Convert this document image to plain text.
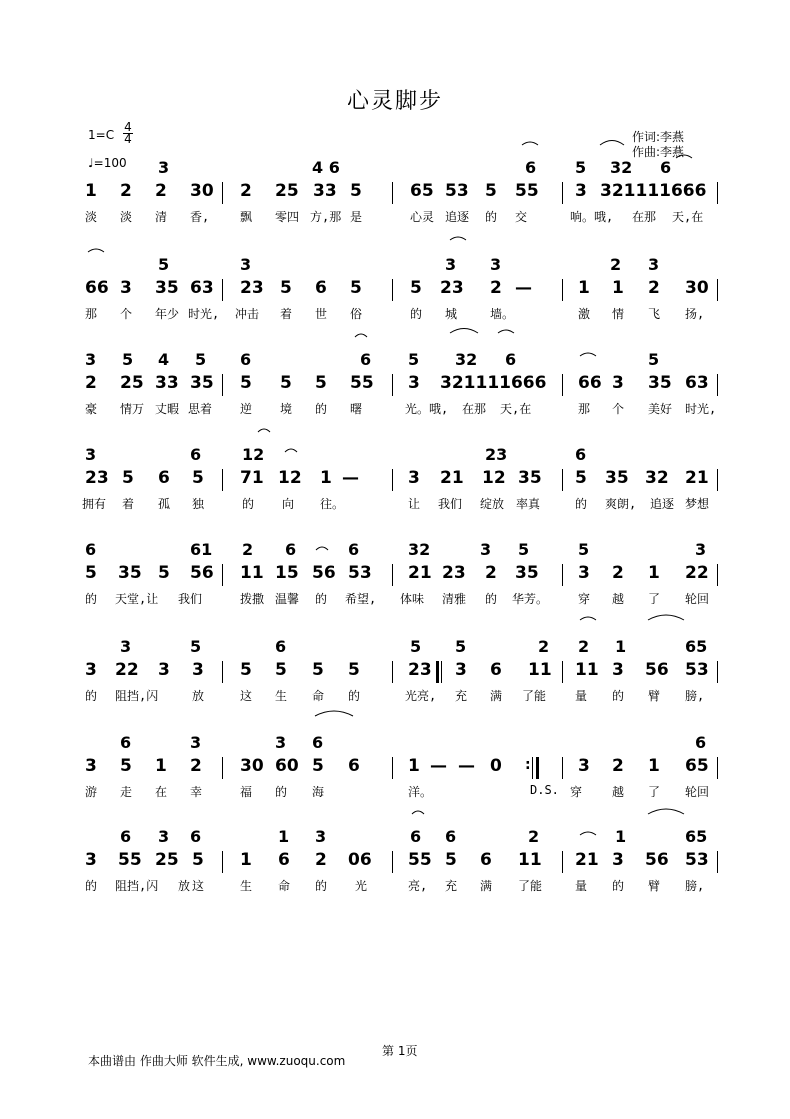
心灵脚步
$1=C \frac{4}{4}$
♩=100
作词:李燕
作曲:李燕
3	4 6	6 5 32 6
1 2 2 30 2 25 33 5	65 53 5 55 3 321111666
淡 淡 清 香,	飘 零四 方,那 是	心灵 追逐 的 交	响。哦, 在那 天,在
5	3	3 3	2 3
66 3 35 63 23 5 6 5	5 23 2 —	1 1 2 30
那 个 年少 时光, 冲击 着 世 俗	的 城	墙。	激 情 飞 扬,
3 5 4 5 6	6 5 32 6	5
2 25 33 35 5 5 5 55 3 321111666 66 3 35 63
豪 情万 丈暇 思着 逆 境 的 曙	光。哦, 在那 天,在	那 个 美好 时光,
3	6	12	23	6
23 5 6 5 71 12 1 —	3 21 12 35 5 35 32 21
拥有 着 孤 独	的 向 往。	让 我们 绽放 率真	的 爽朗, 追逐 梦想
6	61 2 6	6	32	3 5	5	3
5 35 5 56 11 15 56 53 21 23 2 35 3 2 1 22
的 天堂,让 我们	拨撒 温馨 的 希望, 体味 清雅 的 华芳。 穿 越 了 轮回
3	5	6	5 5	2 2 1	65
3 22 3 3 5 5 5 5	23 3 6 11 11 3 56 53
的 阻挡,闪	放	这 生 命 的	光亮, 充 满 了能 量 的 臂 膀,
6	3	3 6	6
3 5 1 2 30 60 5 6	1 — — 0	3 2 1 65
:
游 走 在 幸	福 的 海	洋。	D.S. 穿 越 了 轮回
6 3 6	1 3	6 6	2	1	65
3 55 25 5 1 6 2 06 55 5 6 11 21 3 56 53
的 阻挡,闪 放 这	生 命 的 光	亮, 充 满 了能	量 的 臂 膀,
第 1页
本曲谱由 作曲大师 软件生成, www.zuoqu.com
